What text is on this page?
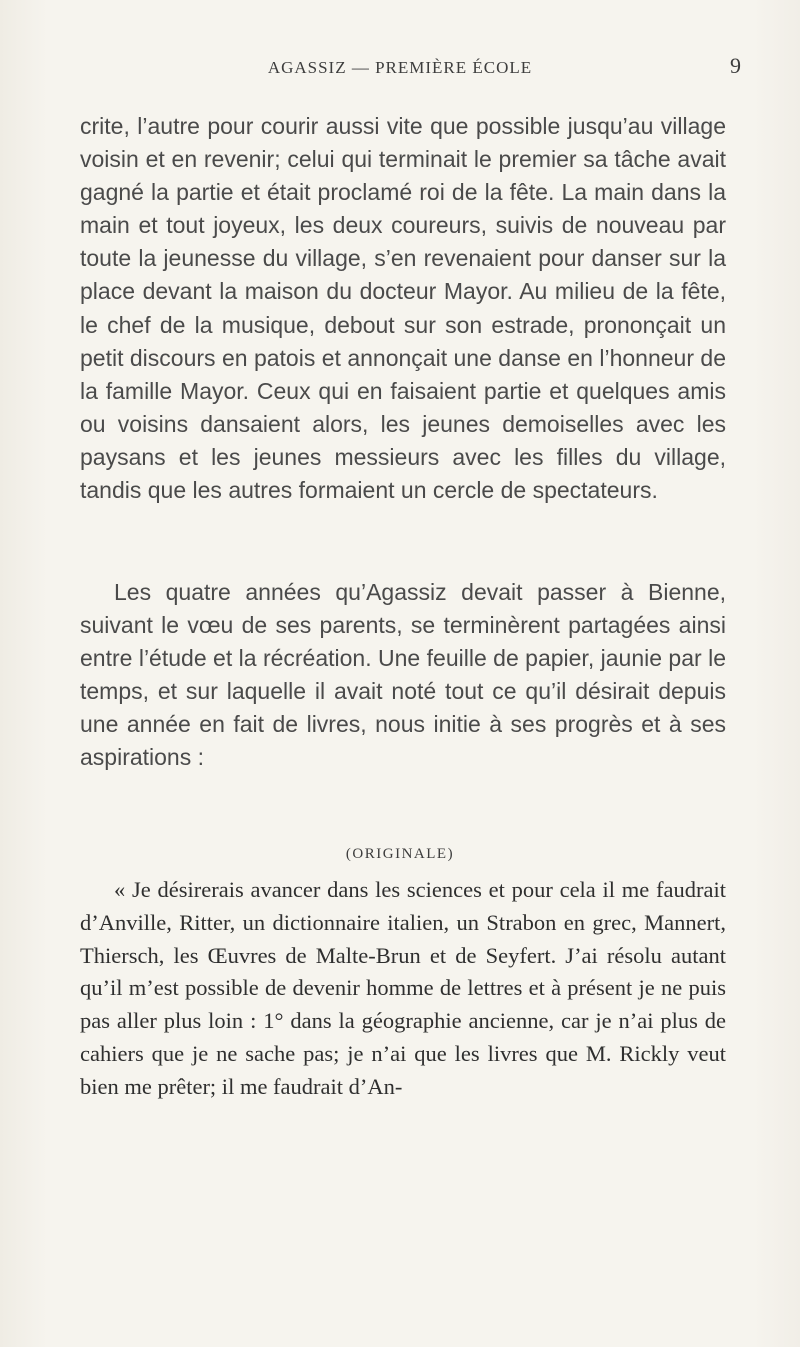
AGASSIZ — PREMIÈRE ÉCOLE	9

crite, l’autre pour courir aussi vite que possible jusqu’au village voisin et en revenir; celui qui terminait le premier sa tâche avait gagné la partie et était proclamé roi de la fête. La main dans la main et tout joyeux, les deux coureurs, suivis de nouveau par toute la jeunesse du village, s’en revenaient pour danser sur la place devant la maison du docteur Mayor. Au milieu de la fête, le chef de la musique, debout sur son estrade, prononçait un petit discours en patois et annonçait une danse en l’honneur de la famille Mayor. Ceux qui en faisaient partie et quelques amis ou voisins dansaient alors, les jeunes demoiselles avec les paysans et les jeunes messieurs avec les filles du village, tandis que les autres formaient un cercle de spectateurs.

Les quatre années qu’Agassiz devait passer à Bienne, suivant le vœu de ses parents, se terminèrent partagées ainsi entre l’étude et la récréation. Une feuille de papier, jaunie par le temps, et sur laquelle il avait noté tout ce qu’il désirait depuis une année en fait de livres, nous initie à ses progrès et à ses aspirations :

(ORIGINALE)

« Je désirerais avancer dans les sciences et pour cela il me faudrait d’Anville, Ritter, un dictionnaire italien, un Strabon en grec, Mannert, Thiersch, les Œuvres de Malte-Brun et de Seyfert. J’ai résolu autant qu’il m’est possible de devenir homme de lettres et à présent je ne puis pas aller plus loin : 1° dans la géographie ancienne, car je n’ai plus de cahiers que je ne sache pas; je n’ai que les livres que M. Rickly veut bien me prêter; il me faudrait d’An-
